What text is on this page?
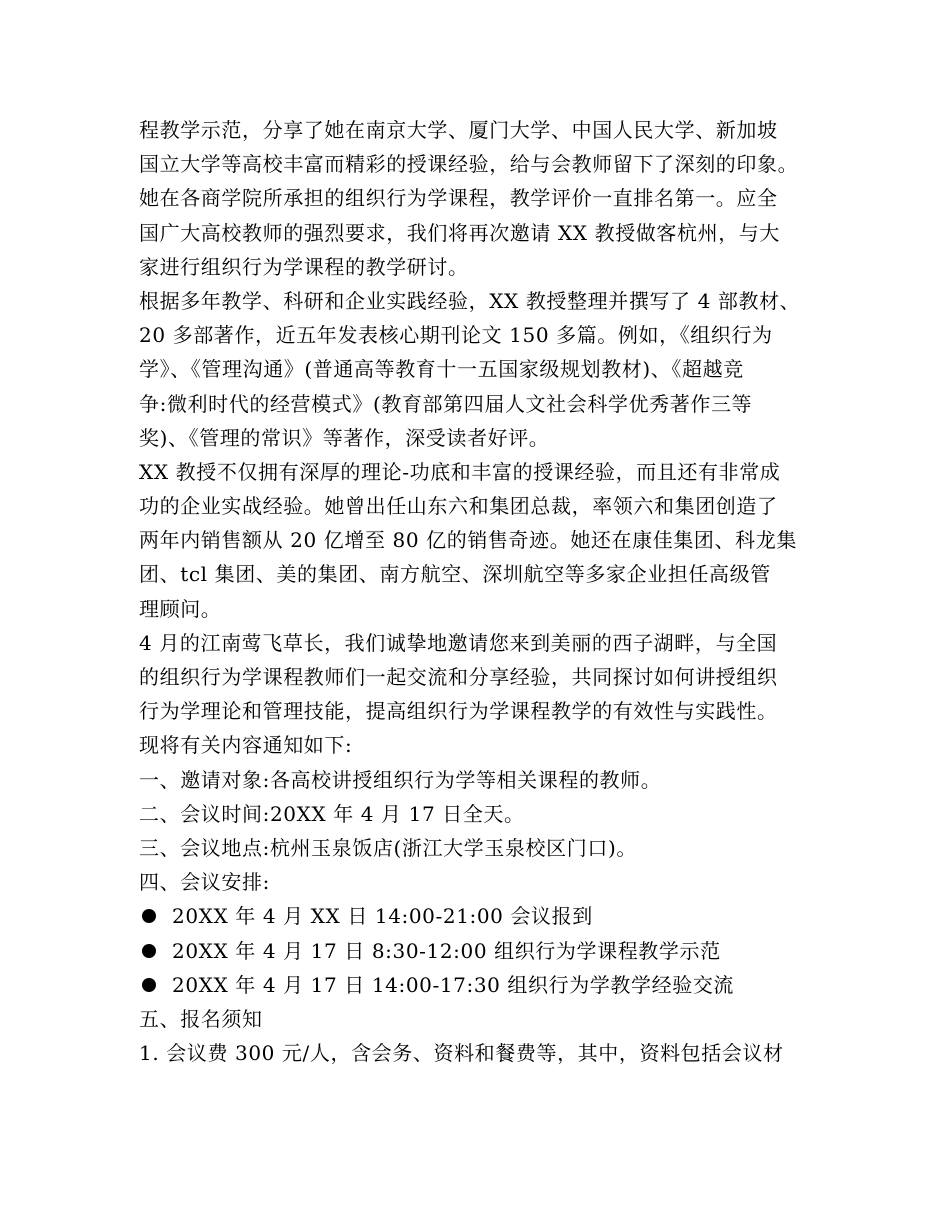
程教学示范，分享了她在南京大学、厦门大学、中国人民大学、新加坡
国立大学等高校丰富而精彩的授课经验，给与会教师留下了深刻的印象。
她在各商学院所承担的组织行为学课程，教学评价一直排名第一。应全
国广大高校教师的强烈要求，我们将再次邀请 XX 教授做客杭州，与大
家进行组织行为学课程的教学研讨。
根据多年教学、科研和企业实践经验，XX 教授整理并撰写了 4 部教材、
20 多部著作，近五年发表核心期刊论文 150 多篇。例如，《组织行为
学》、《管理沟通》(普通高等教育十一五国家级规划教材)、《超越竞
争:微利时代的经营模式》(教育部第四届人文社会科学优秀著作三等
奖)、《管理的常识》等著作，深受读者好评。
XX 教授不仅拥有深厚的理论-功底和丰富的授课经验，而且还有非常成
功的企业实战经验。她曾出任山东六和集团总裁，率领六和集团创造了
两年内销售额从 20 亿增至 80 亿的销售奇迹。她还在康佳集团、科龙集
团、tcl 集团、美的集团、南方航空、深圳航空等多家企业担任高级管
理顾问。
4 月的江南莺飞草长，我们诚挚地邀请您来到美丽的西子湖畔，与全国
的组织行为学课程教师们一起交流和分享经验，共同探讨如何讲授组织
行为学理论和管理技能，提高组织行为学课程教学的有效性与实践性。
现将有关内容通知如下:
一、邀请对象:各高校讲授组织行为学等相关课程的教师。
二、会议时间:20XX 年 4 月 17 日全天。
三、会议地点:杭州玉泉饭店(浙江大学玉泉校区门口)。
四、会议安排:
20XX 年 4 月 XX 日 14:00-21:00 会议报到
20XX 年 4 月 17 日 8:30-12:00 组织行为学课程教学示范
20XX 年 4 月 17 日 14:00-17:30 组织行为学教学经验交流
五、报名须知
1. 会议费 300 元/人，含会务、资料和餐费等，其中，资料包括会议材
